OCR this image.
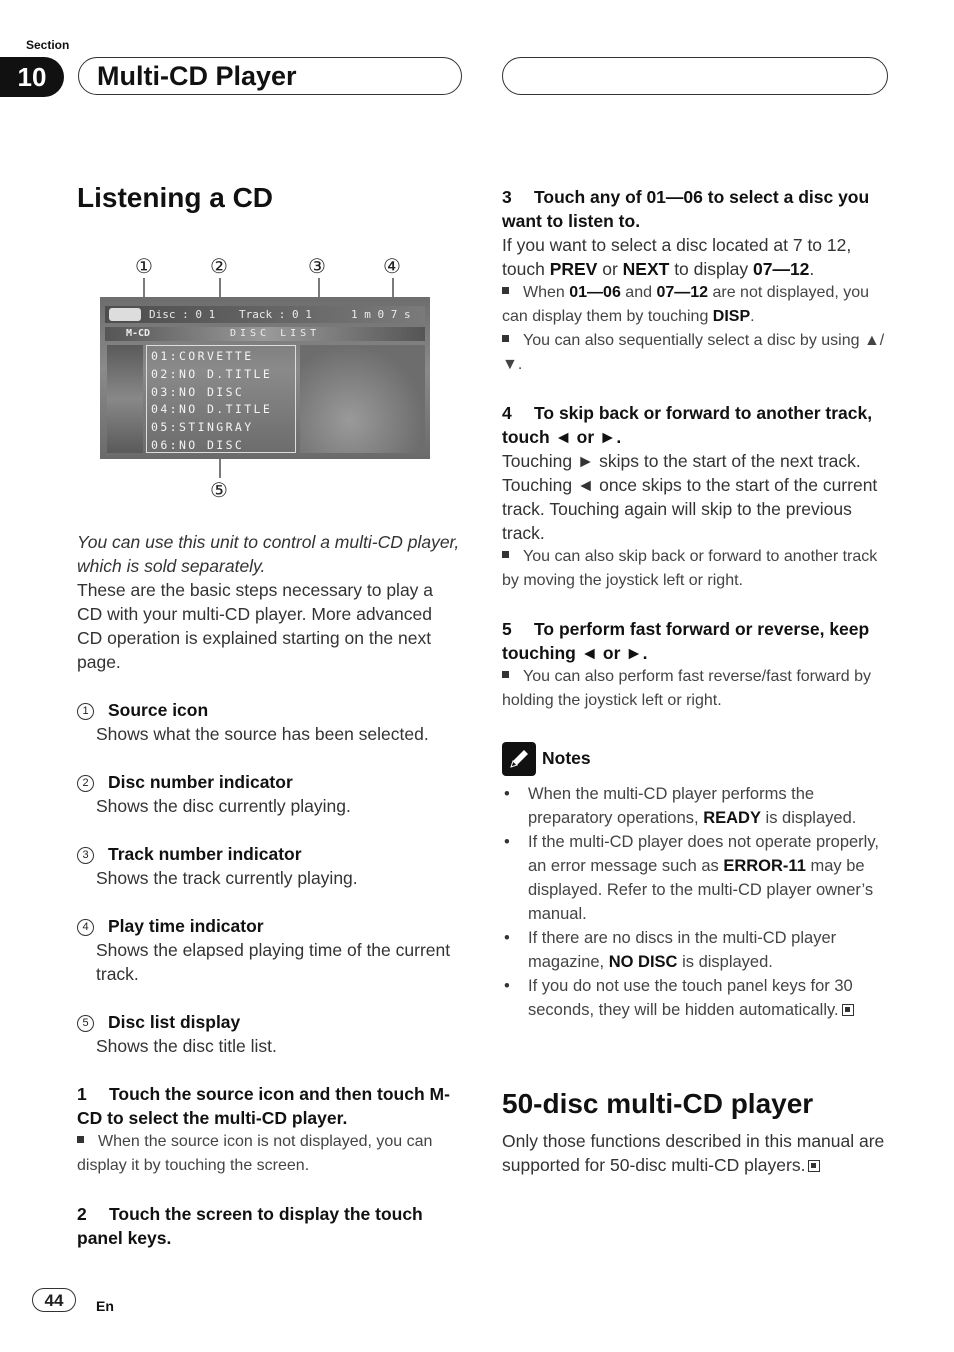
Section
10	Multi-CD Player
Listening a CD
①	②	③	④
⑤
Disc : 0 1 Track : 0 1	1 m 0 7 s
M-CD	DISC LIST
01:CORVETTE
02:NO D.TITLE
03:NO DISC
04:NO D.TITLE
05:STINGRAY
06:NO DISC

You can use this unit to control a multi-CD player, which is sold separately.

These are the basic steps necessary to play a CD with your multi-CD player. More advanced CD operation is explained starting on the next page.

1 Source icon

Shows what the source has been selected.

2 Disc number indicator

Shows the disc currently playing.

3 Track number indicator

Shows the track currently playing.

4 Play time indicator

Shows the elapsed playing time of the current track.

5 Disc list display

Shows the disc title list.

1 Touch the source icon and then touch M-CD to select the multi-CD player.

When the source icon is not displayed, you can display it by touching the screen.

2 Touch the screen to display the touch panel keys.

3 Touch any of 01—06 to select a disc you want to listen to.

If you want to select a disc located at 7 to 12, touch PREV or NEXT to display 07—12.

When 01—06 and 07—12 are not displayed, you can display them by touching DISP.

You can also sequentially select a disc by using ▲/▼.

4 To skip back or forward to another track, touch ◄ or ►.

Touching ► skips to the start of the next track. Touching ◄ once skips to the start of the current track. Touching again will skip to the previous track.

You can also skip back or forward to another track by moving the joystick left or right.

5 To perform fast forward or reverse, keep touching ◄ or ►.

You can also perform fast reverse/fast forward by holding the joystick left or right.

Notes
• When the multi-CD player performs the preparatory operations, READY is displayed.
• If the multi-CD player does not operate properly, an error message such as ERROR-11 may be displayed. Refer to the multi-CD player owner’s manual.
• If there are no discs in the multi-CD player magazine, NO DISC is displayed.
• If you do not use the touch panel keys for 30 seconds, they will be hidden automatically.
50-disc multi-CD player

Only those functions described in this manual are supported for 50-disc multi-CD players.

44	En
